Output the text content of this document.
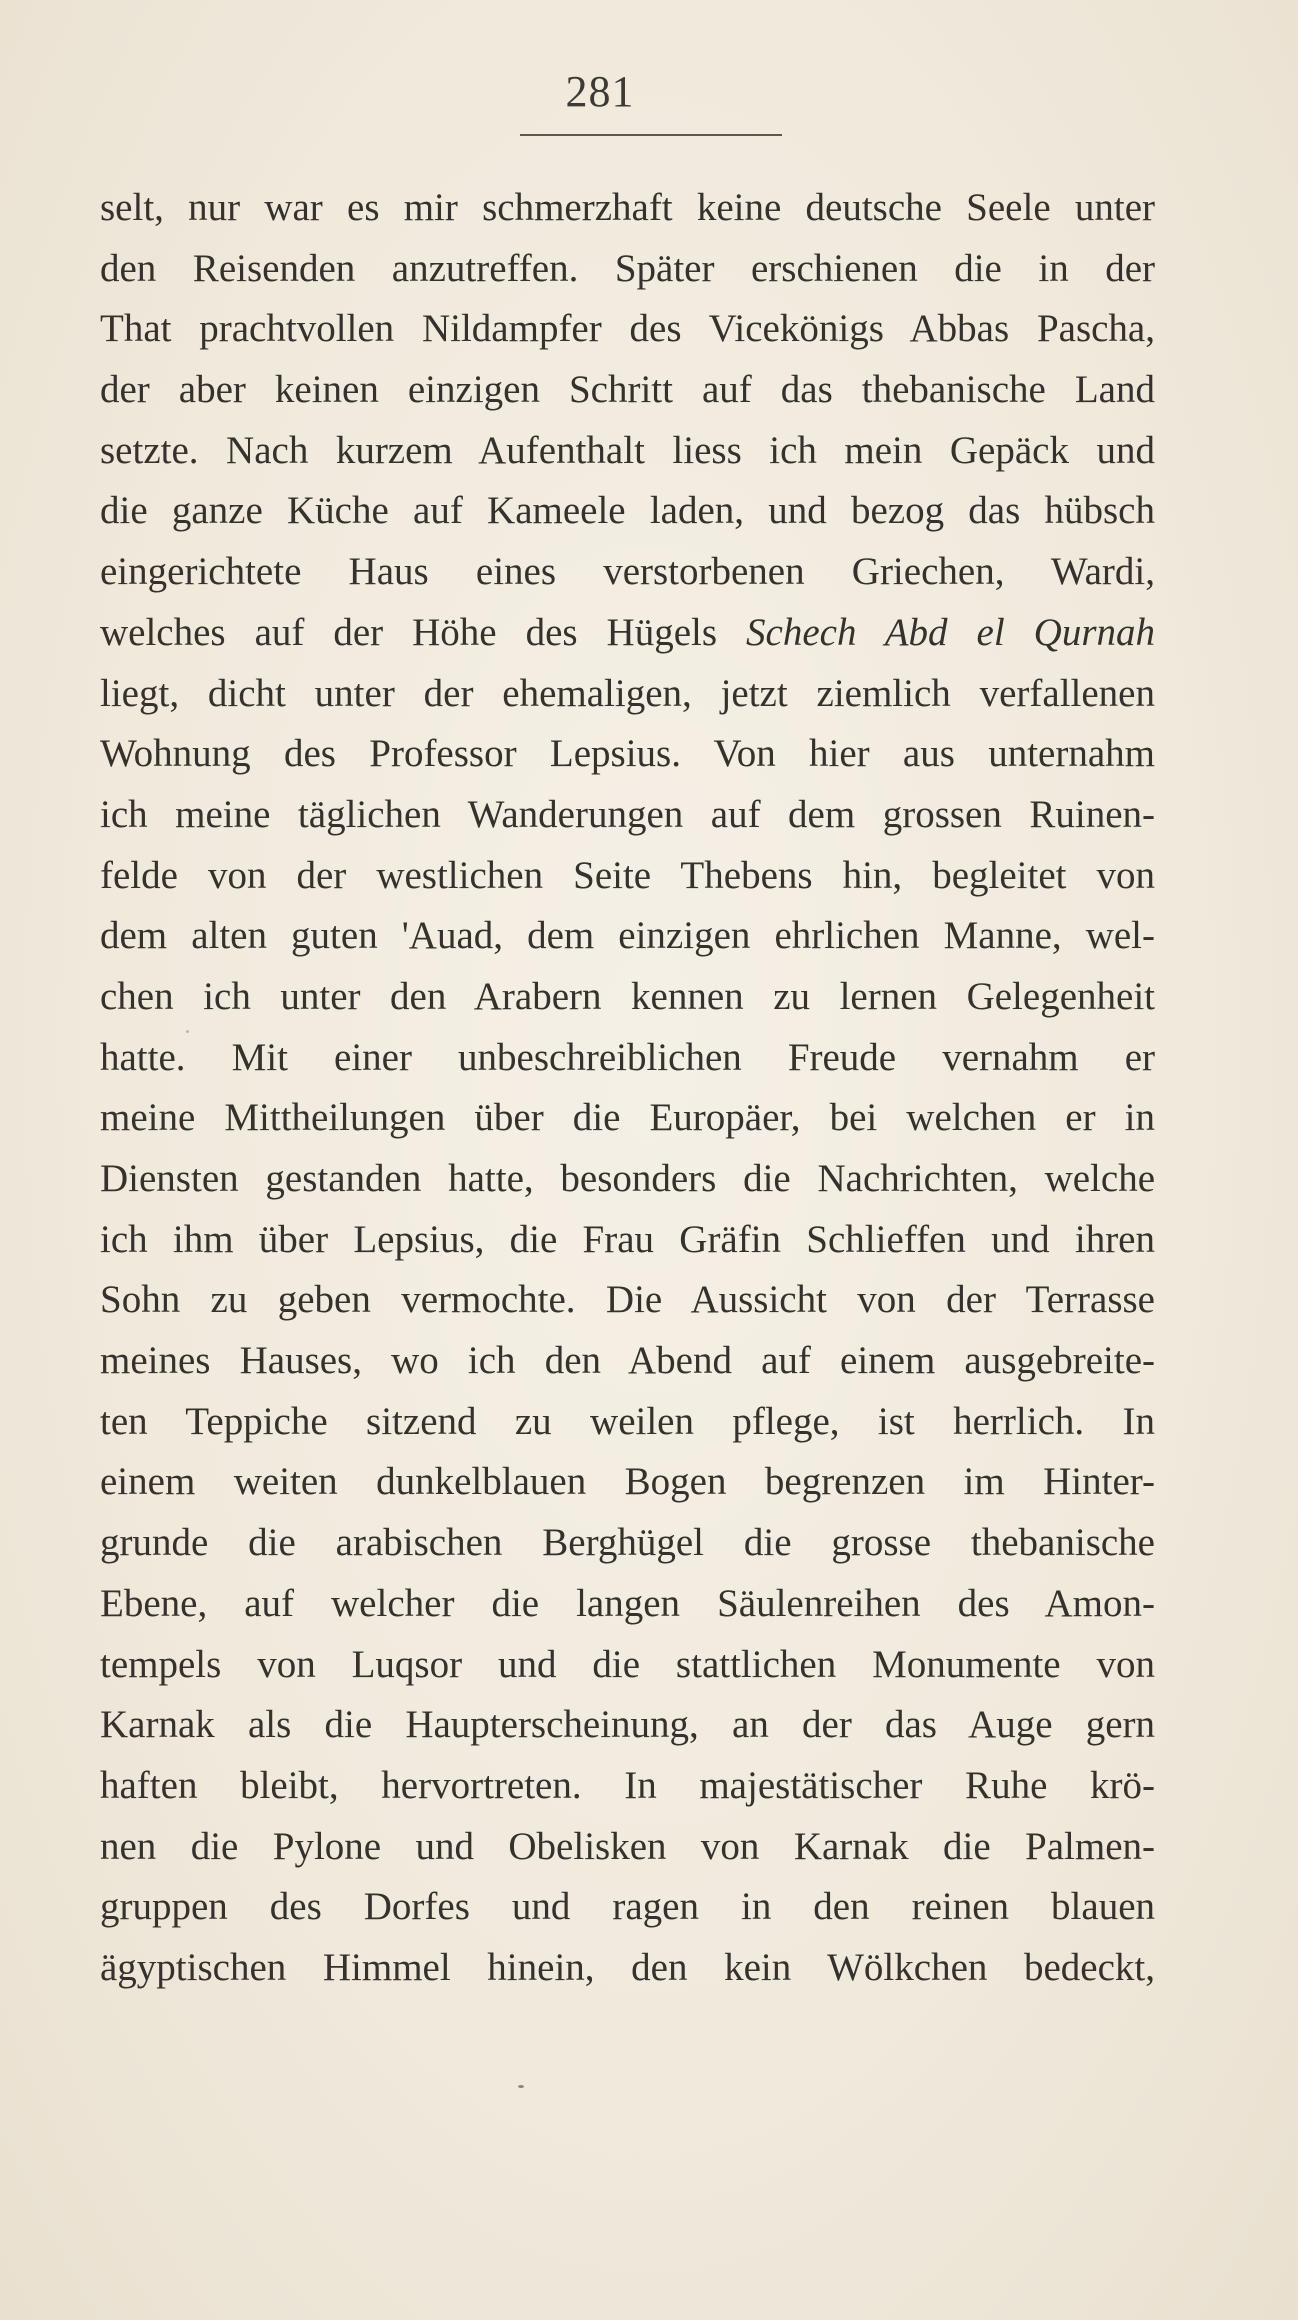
281
selt, nur war es mir schmerzhaft keine deutsche Seele unter
den Reisenden anzutreffen. Später erschienen die in der
That prachtvollen Nildampfer des Vicekönigs Abbas Pascha,
der aber keinen einzigen Schritt auf das thebanische Land
setzte. Nach kurzem Aufenthalt liess ich mein Gepäck und
die ganze Küche auf Kameele laden, und bezog das hübsch
eingerichtete Haus eines verstorbenen Griechen, Wardi,
welches auf der Höhe des Hügels Schech Abd el Qurnah
liegt, dicht unter der ehemaligen, jetzt ziemlich verfallenen
Wohnung des Professor Lepsius. Von hier aus unternahm
ich meine täglichen Wanderungen auf dem grossen Ruinen-
felde von der westlichen Seite Thebens hin, begleitet von
dem alten guten 'Auad, dem einzigen ehrlichen Manne, wel-
chen ich unter den Arabern kennen zu lernen Gelegenheit
hatte. Mit einer unbeschreiblichen Freude vernahm er
meine Mittheilungen über die Europäer, bei welchen er in
Diensten gestanden hatte, besonders die Nachrichten, welche
ich ihm über Lepsius, die Frau Gräfin Schlieffen und ihren
Sohn zu geben vermochte. Die Aussicht von der Terrasse
meines Hauses, wo ich den Abend auf einem ausgebreite-
ten Teppiche sitzend zu weilen pflege, ist herrlich. In
einem weiten dunkelblauen Bogen begrenzen im Hinter-
grunde die arabischen Berghügel die grosse thebanische
Ebene, auf welcher die langen Säulenreihen des Amon-
tempels von Luqsor und die stattlichen Monumente von
Karnak als die Haupterscheinung, an der das Auge gern
haften bleibt, hervortreten. In majestätischer Ruhe krö-
nen die Pylone und Obelisken von Karnak die Palmen-
gruppen des Dorfes und ragen in den reinen blauen
ägyptischen Himmel hinein, den kein Wölkchen bedeckt,
